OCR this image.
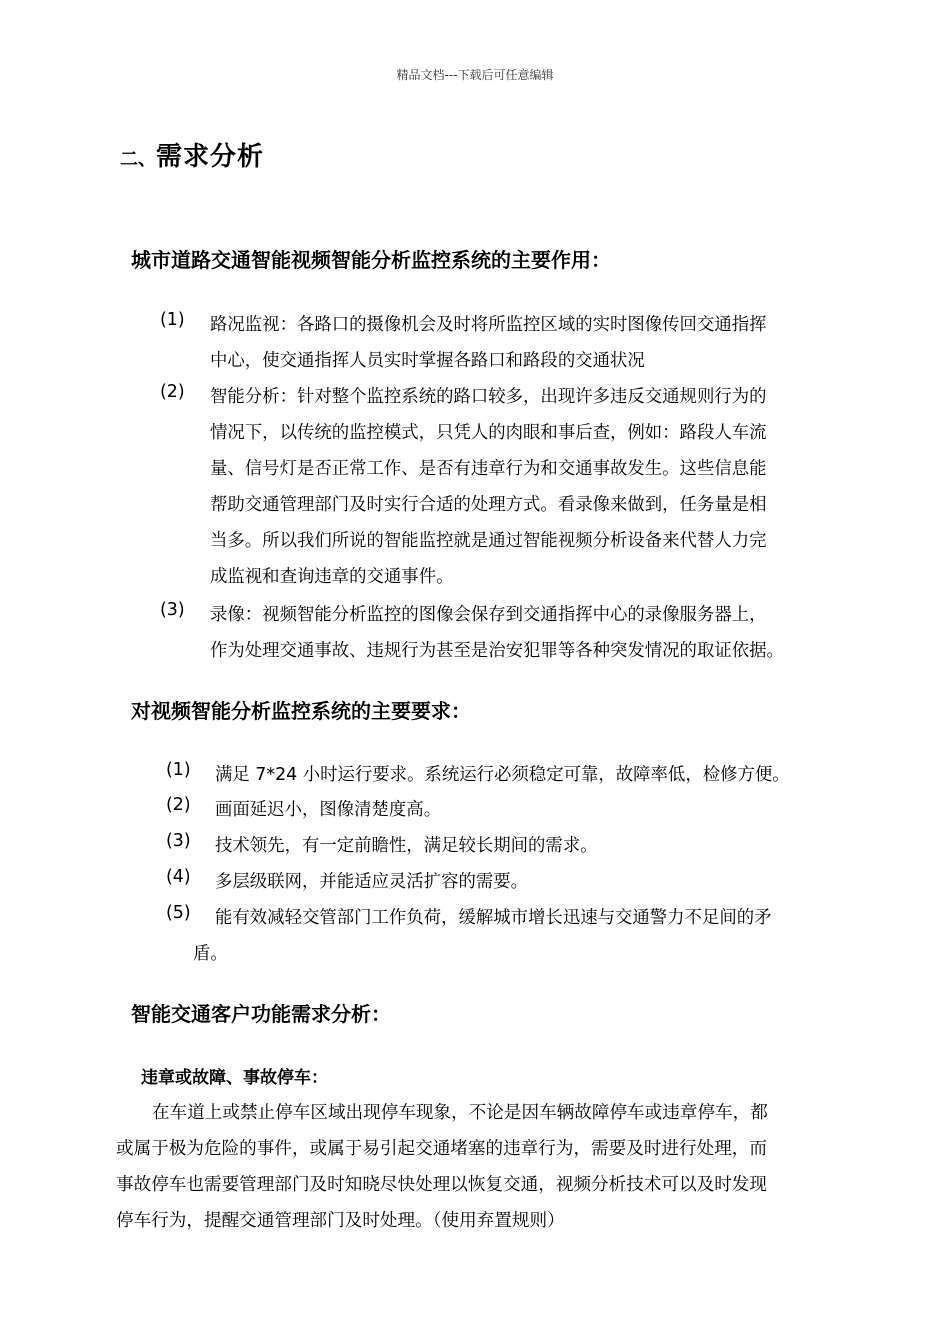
精品文档---下载后可任意编辑
二、需求分析
城市道路交通智能视频智能分析监控系统的主要作用：
(1) 路况监视：各路口的摄像机会及时将所监控区域的实时图像传回交通指挥
中心，使交通指挥人员实时掌握各路口和路段的交通状况
(2) 智能分析：针对整个监控系统的路口较多，出现许多违反交通规则行为的
情况下，以传统的监控模式，只凭人的肉眼和事后查，例如：路段人车流
量、信号灯是否正常工作、是否有违章行为和交通事故发生。这些信息能
帮助交通管理部门及时实行合适的处理方式。看录像来做到，任务量是相
当多。所以我们所说的智能监控就是通过智能视频分析设备来代替人力完
成监视和查询违章的交通事件。
(3) 录像：视频智能分析监控的图像会保存到交通指挥中心的录像服务器上，
作为处理交通事故、违规行为甚至是治安犯罪等各种突发情况的取证依据。
对视频智能分析监控系统的主要要求：
(1) 满足 7*24 小时运行要求。系统运行必须稳定可靠，故障率低，检修方便。
(2) 画面延迟小，图像清楚度高。
(3) 技术领先，有一定前瞻性，满足较长期间的需求。
(4) 多层级联网，并能适应灵活扩容的需要。
(5) 能有效减轻交管部门工作负荷，缓解城市增长迅速与交通警力不足间的矛
盾。
智能交通客户功能需求分析：
违章或故障、事故停车：
在车道上或禁止停车区域出现停车现象，不论是因车辆故障停车或违章停车，都
或属于极为危险的事件，或属于易引起交通堵塞的违章行为，需要及时进行处理，而
事故停车也需要管理部门及时知晓尽快处理以恢复交通，视频分析技术可以及时发现
停车行为，提醒交通管理部门及时处理。（使用弃置规则）
